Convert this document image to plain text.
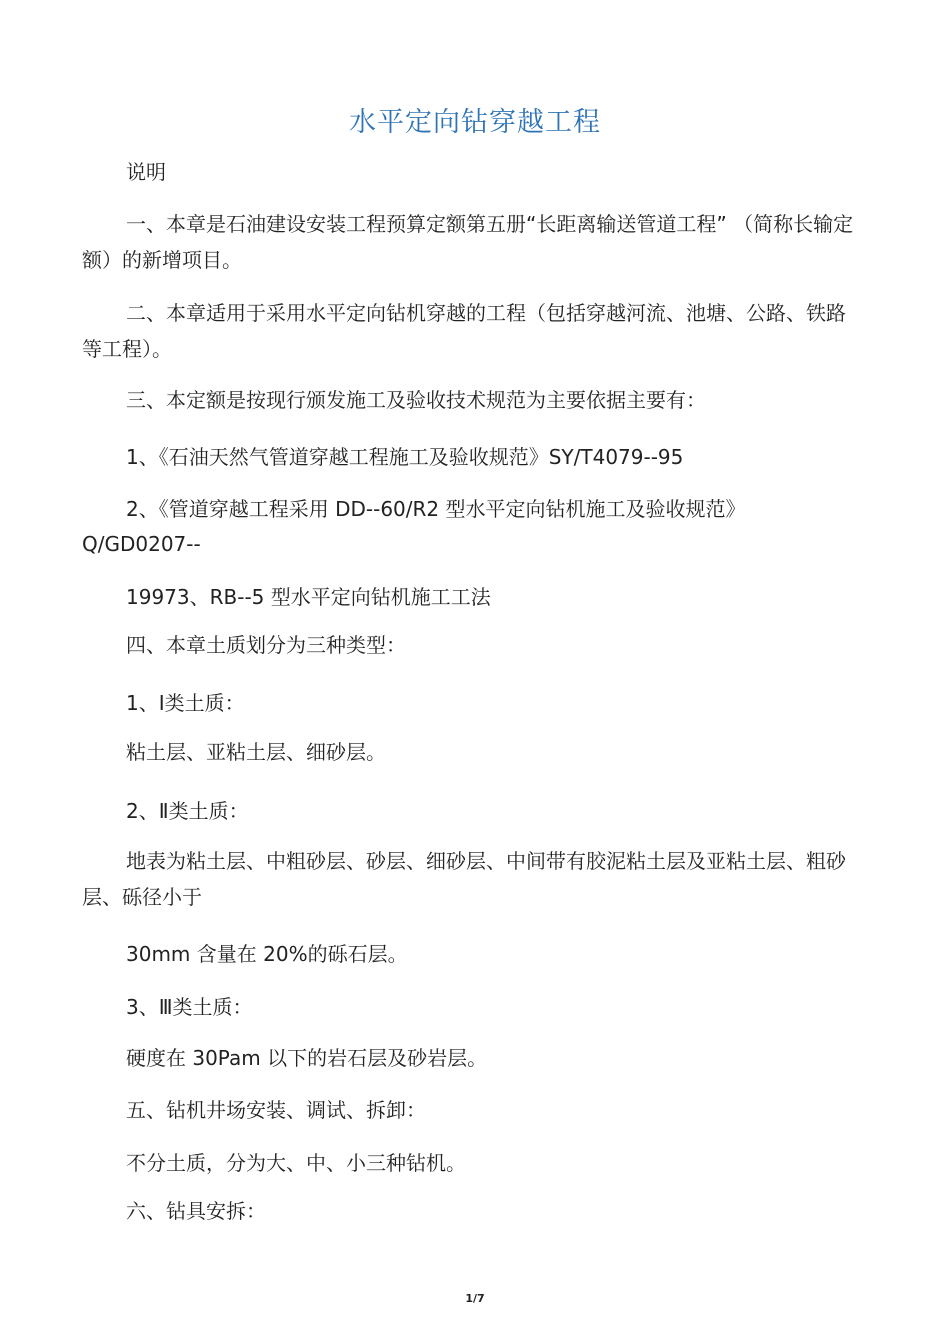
水平定向钻穿越工程
说明
一、本章是石油建设安装工程预算定额第五册“长距离输送管道工程” （简称长输定额）的新增项目。
二、本章适用于采用水平定向钻机穿越的工程（包括穿越河流、池塘、公路、铁路等工程）。
三、本定额是按现行颁发施工及验收技术规范为主要依据主要有：
1、《石油天然气管道穿越工程施工及验收规范》SY/T4079--95
2、《管道穿越工程采用 DD--60/R2 型水平定向钻机施工及验收规范》
Q/GD0207--
19973、RB--5 型水平定向钻机施工工法
四、本章土质划分为三种类型：
1、Ⅰ类土质：
粘土层、亚粘土层、细砂层。
2、Ⅱ类土质：
地表为粘土层、中粗砂层、砂层、细砂层、中间带有胶泥粘土层及亚粘土层、粗砂层、砾径小于
30mm 含量在 20%的砾石层。
3、Ⅲ类土质：
硬度在 30Pam 以下的岩石层及砂岩层。
五、钻机井场安装、调试、拆卸：
不分土质，分为大、中、小三种钻机。
六、钻具安拆：
1/7
